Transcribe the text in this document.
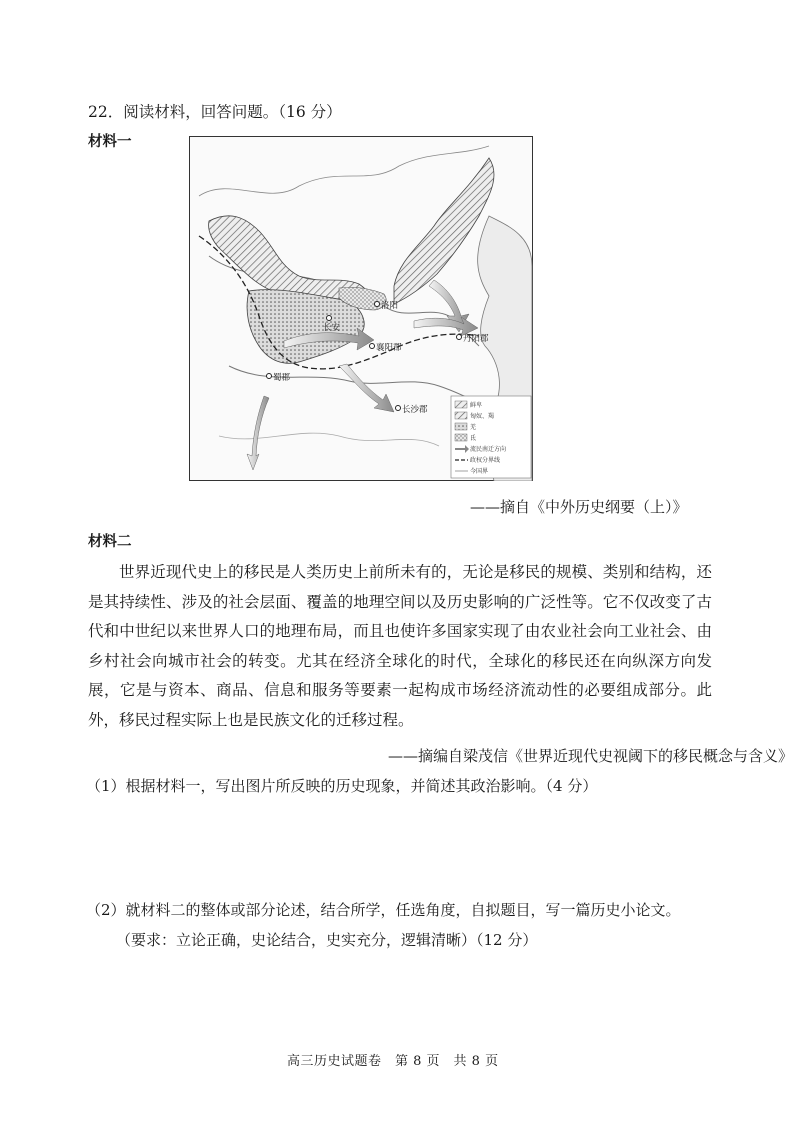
22．阅读材料，回答问题。（16 分）
材料一
洛阳
长安
襄阳郡
丹阳郡
蜀郡
长沙郡	鲜卑
匈奴、羯
羌
氐
流民南迁方向
政权分界线
今国界
——摘自《中外历史纲要（上）》
材料二
世界近现代史上的移民是人类历史上前所未有的，无论是移民的规模、类别和结构，还是其持续性、涉及的社会层面、覆盖的地理空间以及历史影响的广泛性等。它不仅改变了古代和中世纪以来世界人口的地理布局，而且也使许多国家实现了由农业社会向工业社会、由乡村社会向城市社会的转变。尤其在经济全球化的时代，全球化的移民还在向纵深方向发展，它是与资本、商品、信息和服务等要素一起构成市场经济流动性的必要组成部分。此外，移民过程实际上也是民族文化的迁移过程。
——摘编自梁茂信《世界近现代史视阈下的移民概念与含义》
（1）根据材料一，写出图片所反映的历史现象，并简述其政治影响。（4 分）
（2）就材料二的整体或部分论述，结合所学，任选角度，自拟题目，写一篇历史小论文。
（要求：立论正确，史论结合，史实充分，逻辑清晰）（12 分）
高三历史试题卷　第 8 页　共 8 页
